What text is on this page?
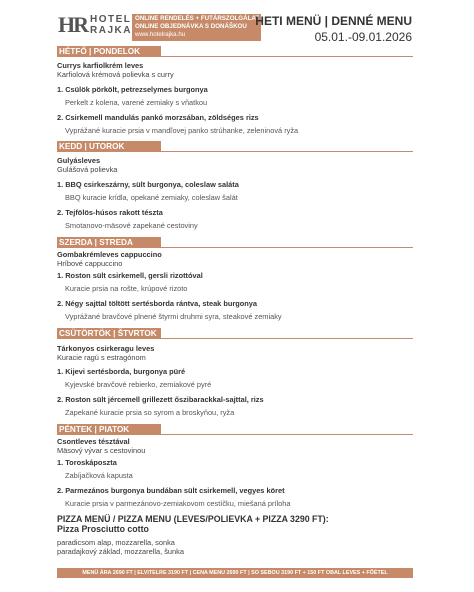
HR HOTEL
RAJKA
ONLINE RENDELÉS + FUTÁRSZOLGÁLAT
ONLINE OBJEDNÁVKA S DONÁŠKOU
www.hotelrajka.hu
HETI MENÜ | DENNÉ MENU
05.01.-09.01.2026
HÉTFŐ | PONDELOK
Currys karfiolkrém leves
Karfiolová krémová polievka s curry
1. Csülök pörkölt, petrezselymes burgonya
Perkelt z kolena, varené zemiaky s vňatkou
2. Csirkemell mandulás pankó morzsában, zöldséges rizs
Vyprážané kuracie prsia v mandľovej panko strúhanke, zeleninová ryža
KEDD | UTOROK
Gulyásleves
Gulášová polievka
1. BBQ csirkeszárny, sült burgonya, coleslaw saláta
BBQ kuracie krídla, opekané zemiaky, coleslaw šalát
2. Tejfölös-húsos rakott tészta
Smotanovo-mäsové zapekané cestoviny
SZERDA | STREDA
Gombakrémleves cappuccino
Hríbové cappuccino
1. Roston sült csirkemell, gersli rizottóval
Kuracie prsia na rošte, krúpové rizoto
2. Négy sajttal töltött sertésborda rántva, steak burgonya
Vyprážané bravčové plnené štyrmi druhmi syra, steakové zemiaky
CSÜTÖRTÖK | ŠTVRTOK
Tárkonyos csirkeragu leves
Kuracie ragú s estragónom
1. Kijevi sertésborda, burgonya püré
Kyjevské bravčové rebierko, zemiakové pyré
2. Roston sült jércemell grillezett őszibarackkal-sajttal, rizs
Zapekané kuracie prsia so syrom a broskyňou, ryža
PÉNTEK | PIATOK
Csontleves tésztával
Mäsový vývar s cestovinou
1. Toroskáposzta
Zabíjačková kapusta
2. Parmezános burgonya bundában sült csirkemell, vegyes köret
Kuracie prsia v parmezánovo-zemiakovom cestíčku, miešaná príloha
PIZZA MENÜ / PIZZA MENU (LEVES/POLIEVKA + PIZZA 3290 FT):
Pizza Prosciutto cotto
paradicsom alap, mozzarella, sonka
paradajkový základ, mozzarella, šunka
MENÜ ÁRA 2690 FT | ELVITELRE 3190 FT | CENA MENU 2690 FT | SO SEBOU 3190 FT + 150 FT OBAL LEVES + FŐÉTEL
